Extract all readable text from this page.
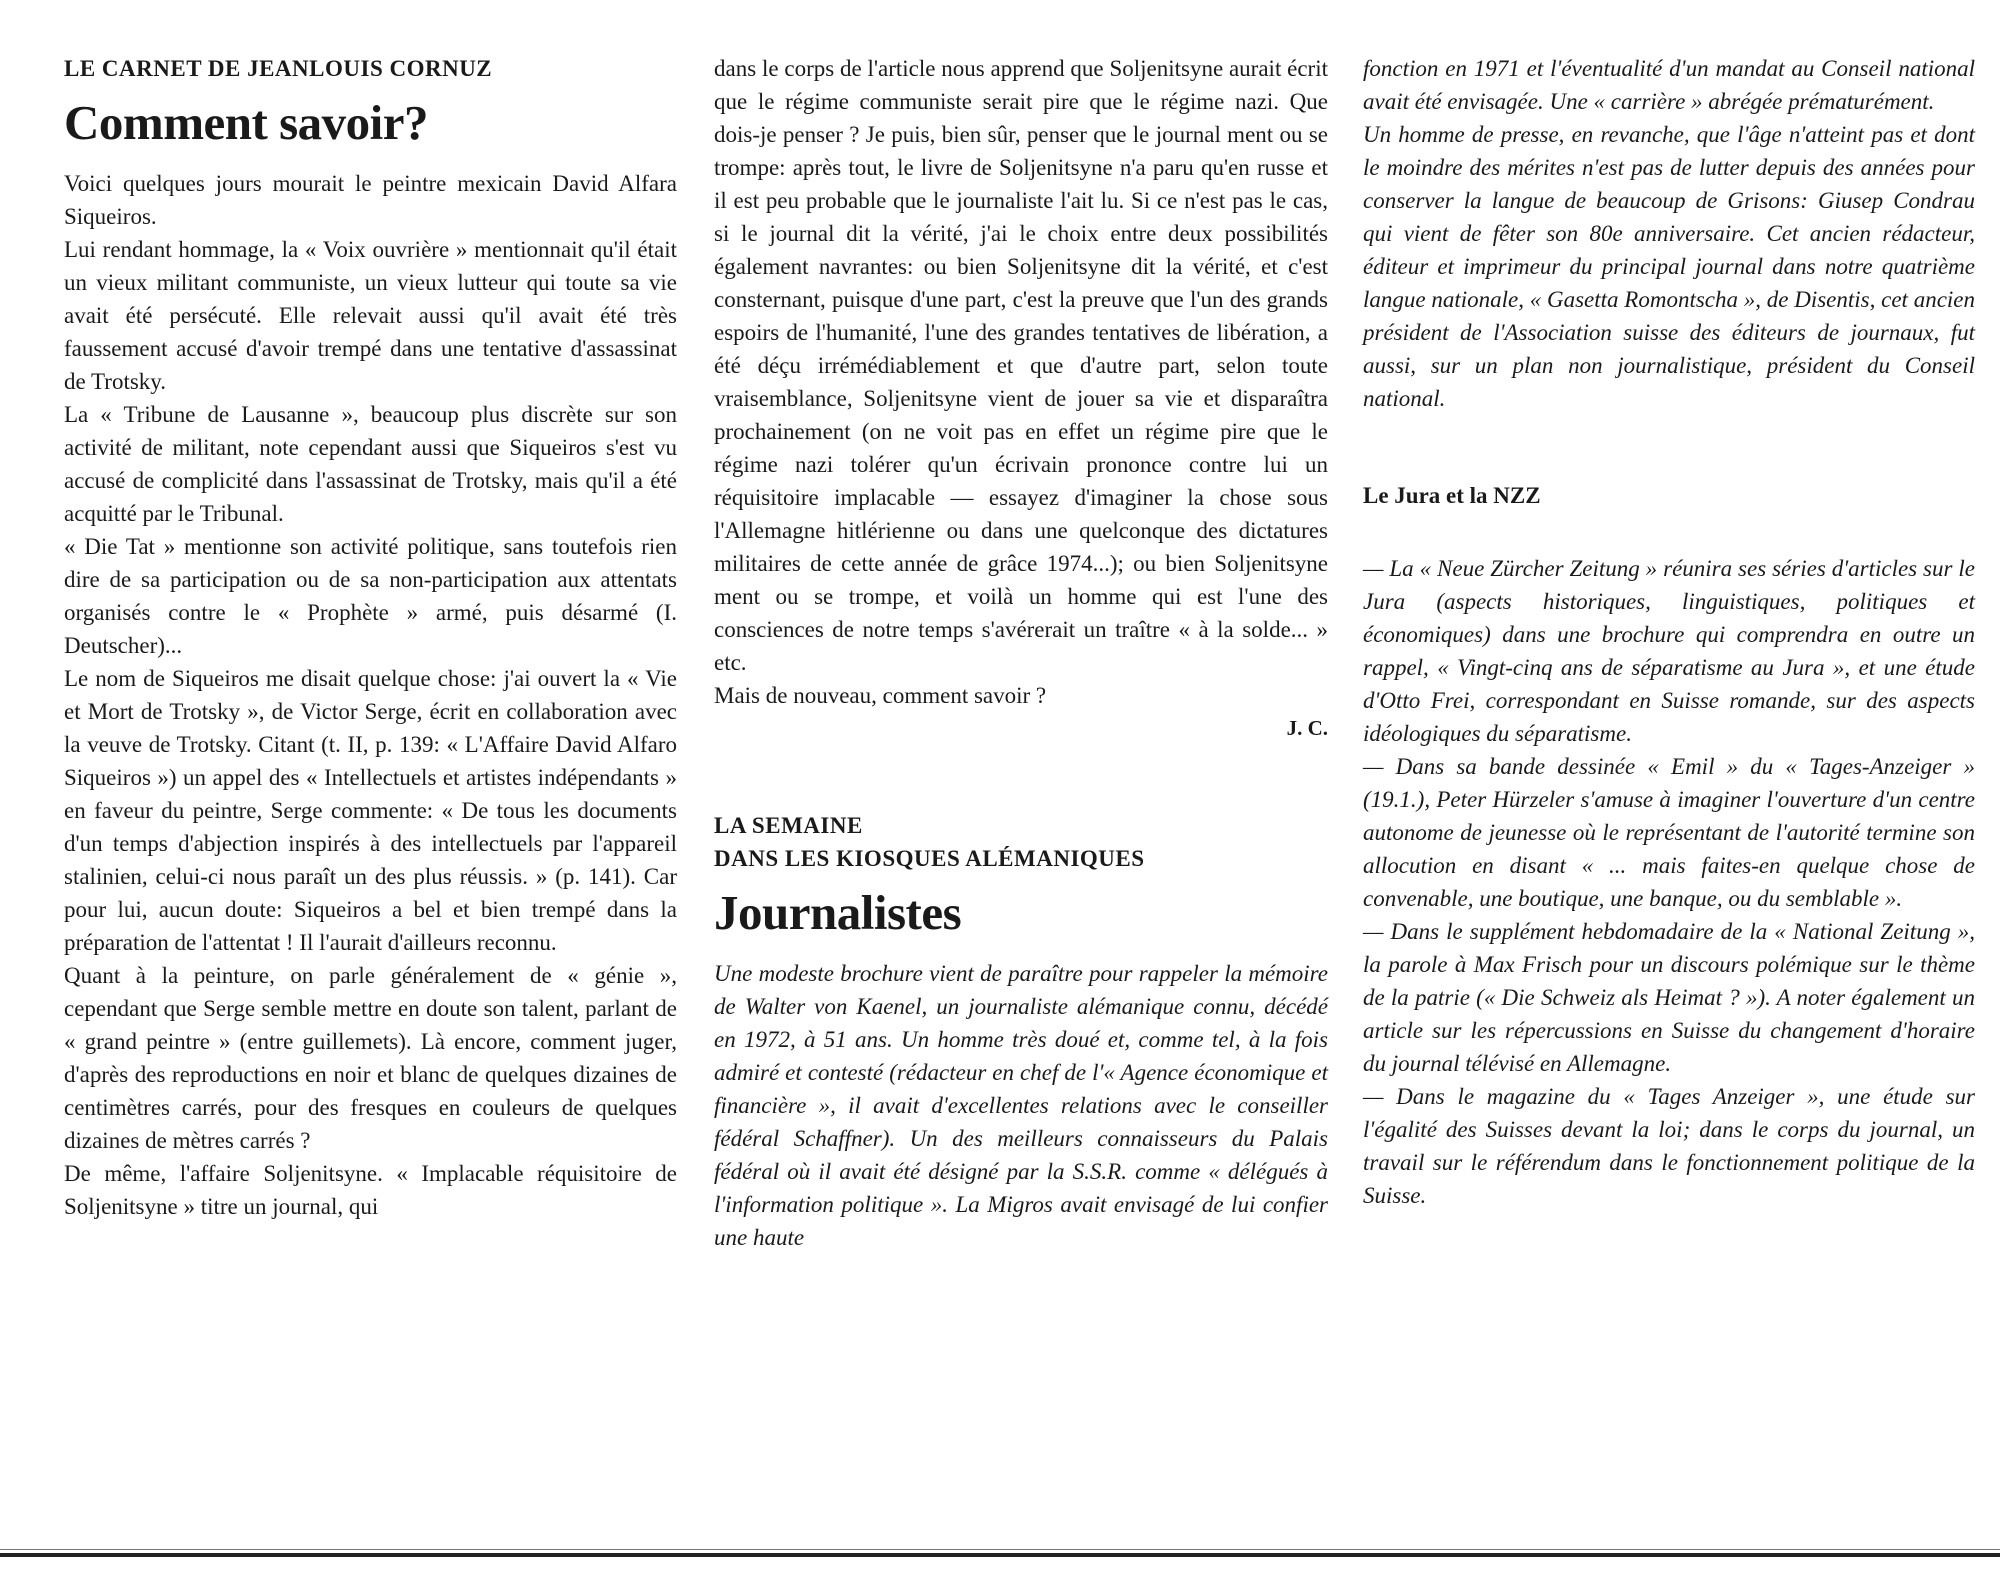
LE CARNET DE JEANLOUIS CORNUZ

Comment savoir?

Voici quelques jours mourait le peintre mexicain David Alfara Siqueiros.

Lui rendant hommage, la « Voix ouvrière » mentionnait qu'il était un vieux militant communiste, un vieux lutteur qui toute sa vie avait été persécuté. Elle relevait aussi qu'il avait été très faussement accusé d'avoir trempé dans une tentative d'assassinat de Trotsky.

La « Tribune de Lausanne », beaucoup plus discrète sur son activité de militant, note cependant aussi que Siqueiros s'est vu accusé de complicité dans l'assassinat de Trotsky, mais qu'il a été acquitté par le Tribunal.

« Die Tat » mentionne son activité politique, sans toutefois rien dire de sa participation ou de sa non-participation aux attentats organisés contre le « Prophète » armé, puis désarmé (I. Deutscher)...

Le nom de Siqueiros me disait quelque chose: j'ai ouvert la « Vie et Mort de Trotsky », de Victor Serge, écrit en collaboration avec la veuve de Trotsky. Citant (t. II, p. 139: « L'Affaire David Alfaro Siqueiros ») un appel des « Intellectuels et artistes indépendants » en faveur du peintre, Serge commente: « De tous les documents d'un temps d'abjection inspirés à des intellectuels par l'appareil stalinien, celui-ci nous paraît un des plus réussis. » (p. 141). Car pour lui, aucun doute: Siqueiros a bel et bien trempé dans la préparation de l'attentat ! Il l'aurait d'ailleurs reconnu.

Quant à la peinture, on parle généralement de « génie », cependant que Serge semble mettre en doute son talent, parlant de « grand peintre » (entre guillemets). Là encore, comment juger, d'après des reproductions en noir et blanc de quelques dizaines de centimètres carrés, pour des fresques en couleurs de quelques dizaines de mètres carrés ?

De même, l'affaire Soljenitsyne. « Implacable réquisitoire de Soljenitsyne » titre un journal, qui

dans le corps de l'article nous apprend que Soljenitsyne aurait écrit que le régime communiste serait pire que le régime nazi. Que dois-je penser ? Je puis, bien sûr, penser que le journal ment ou se trompe: après tout, le livre de Soljenitsyne n'a paru qu'en russe et il est peu probable que le journaliste l'ait lu. Si ce n'est pas le cas, si le journal dit la vérité, j'ai le choix entre deux possibilités également navrantes: ou bien Soljenitsyne dit la vérité, et c'est consternant, puisque d'une part, c'est la preuve que l'un des grands espoirs de l'humanité, l'une des grandes tentatives de libération, a été déçu irrémédiablement et que d'autre part, selon toute vraisemblance, Soljenitsyne vient de jouer sa vie et disparaîtra prochainement (on ne voit pas en effet un régime pire que le régime nazi tolérer qu'un écrivain prononce contre lui un réquisitoire implacable — essayez d'imaginer la chose sous l'Allemagne hitlérienne ou dans une quelconque des dictatures militaires de cette année de grâce 1974...); ou bien Soljenitsyne ment ou se trompe, et voilà un homme qui est l'une des consciences de notre temps s'avérerait un traître « à la solde... » etc.

Mais de nouveau, comment savoir ?

J. C.

LA SEMAINE

DANS LES KIOSQUES ALÉMANIQUES

Journalistes

Une modeste brochure vient de paraître pour rappeler la mémoire de Walter von Kaenel, un journaliste alémanique connu, décédé en 1972, à 51 ans. Un homme très doué et, comme tel, à la fois admiré et contesté (rédacteur en chef de l'« Agence économique et financière », il avait d'excellentes relations avec le conseiller fédéral Schaffner). Un des meilleurs connaisseurs du Palais fédéral où il avait été désigné par la S.S.R. comme « délégués à l'information politique ». La Migros avait envisagé de lui confier une haute

fonction en 1971 et l'éventualité d'un mandat au Conseil national avait été envisagée. Une « carrière » abrégée prématurément.

Un homme de presse, en revanche, que l'âge n'atteint pas et dont le moindre des mérites n'est pas de lutter depuis des années pour conserver la langue de beaucoup de Grisons: Giusep Condrau qui vient de fêter son 80e anniversaire. Cet ancien rédacteur, éditeur et imprimeur du principal journal dans notre quatrième langue nationale, « Gasetta Romontscha », de Disentis, cet ancien président de l'Association suisse des éditeurs de journaux, fut aussi, sur un plan non journalistique, président du Conseil national.

Le Jura et la NZZ

— La « Neue Zürcher Zeitung » réunira ses séries d'articles sur le Jura (aspects historiques, linguistiques, politiques et économiques) dans une brochure qui comprendra en outre un rappel, « Vingt-cinq ans de séparatisme au Jura », et une étude d'Otto Frei, correspondant en Suisse romande, sur des aspects idéologiques du séparatisme.

— Dans sa bande dessinée « Emil » du « Tages-Anzeiger » (19.1.), Peter Hürzeler s'amuse à imaginer l'ouverture d'un centre autonome de jeunesse où le représentant de l'autorité termine son allocution en disant « ... mais faites-en quelque chose de convenable, une boutique, une banque, ou du semblable ».

— Dans le supplément hebdomadaire de la « National Zeitung », la parole à Max Frisch pour un discours polémique sur le thème de la patrie (« Die Schweiz als Heimat ? »). A noter également un article sur les répercussions en Suisse du changement d'horaire du journal télévisé en Allemagne.

— Dans le magazine du « Tages Anzeiger », une étude sur l'égalité des Suisses devant la loi; dans le corps du journal, un travail sur le référendum dans le fonctionnement politique de la Suisse.
